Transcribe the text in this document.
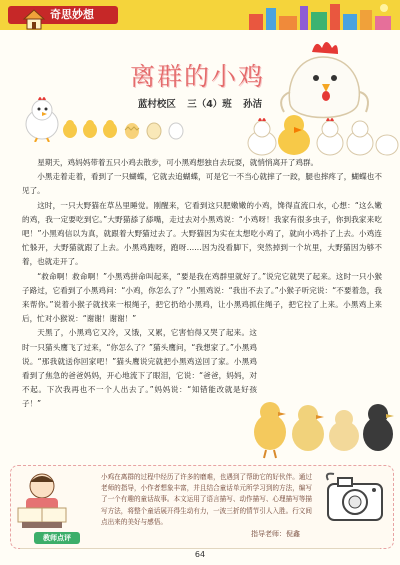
奇思妙想
离群的小鸡
蓝村校区 三（4）班 孙洁

星期天，鸡妈妈带着五只小鸡去散步，可小黑鸡想独自去玩耍，就悄悄离开了鸡群。

小黑走着走着，看到了一只蝴蝶，它就去追蝴蝶，可是它一不当心就摔了一跤，腿也摔疼了，蝴蝶也不见了。

这时，一只大野猫在草丛里睡觉。刚醒来，它看到这只肥嫩嫩的小鸡，馋得直流口水，心想：“这么嫩的鸡，我一定要吃到它。”大野猫舔了舔嘴，走过去对小黑鸡说：“小鸡呀！我家有很多虫子，你到我家来吃吧！”小黑鸡信以为真，就跟着大野猫过去了。大野猫因为实在太想吃小鸡了，就向小鸡扑了上去。小鸡连忙躲开，大野猫就跟了上去。小黑鸡跑呀，跑呀……因为没看脚下，突然掉到一个坑里，大野猫因为够不着，也就走开了。

“救命啊！救命啊！”小黑鸡拼命叫起来，“要是我在鸡群里就好了。”说完它就哭了起来。这时一只小猴子路过，它看到了小黑鸡问：“小鸡，你怎么了？”小黑鸡说：“我出不去了。”小猴子听完说：“不要着急，我来帮你。”说着小猴子就找来一根绳子，把它扔给小黑鸡，让小黑鸡抓住绳子，把它拉了上来。小黑鸡上来后，忙对小猴说：“谢谢！谢谢！”

天黑了，小黑鸡它又冷，又饿，又累，它害怕得又哭了起来。这时一只猫头鹰飞了过来，“你怎么了？”猫头鹰问，“我想家了。”小黑鸡说。“那我就送你回家吧！”猫头鹰说完就把小黑鸡送回了家。小黑鸡看到了焦急的爸爸妈妈，开心地流下了眼泪，它说：“爸爸，妈妈，对不起。下次我再也不一个人出去了。”妈妈说：“知错能改就是好孩子！”

小鸡在离群的过程中经历了许多的磨难，也遇到了帮助它的好伙伴。通过老师的指导，小作者想象丰富，并且结合童话单元所学习到的方法，编写了一个有趣的童话故事。本文运用了语言描写、动作描写、心理描写等描写方法，将整个童话展开得生动有力，一波三折的情节引人入胜。行文间点出来的美好与感悟。
指导老师：倪鑫
教师点评
64
